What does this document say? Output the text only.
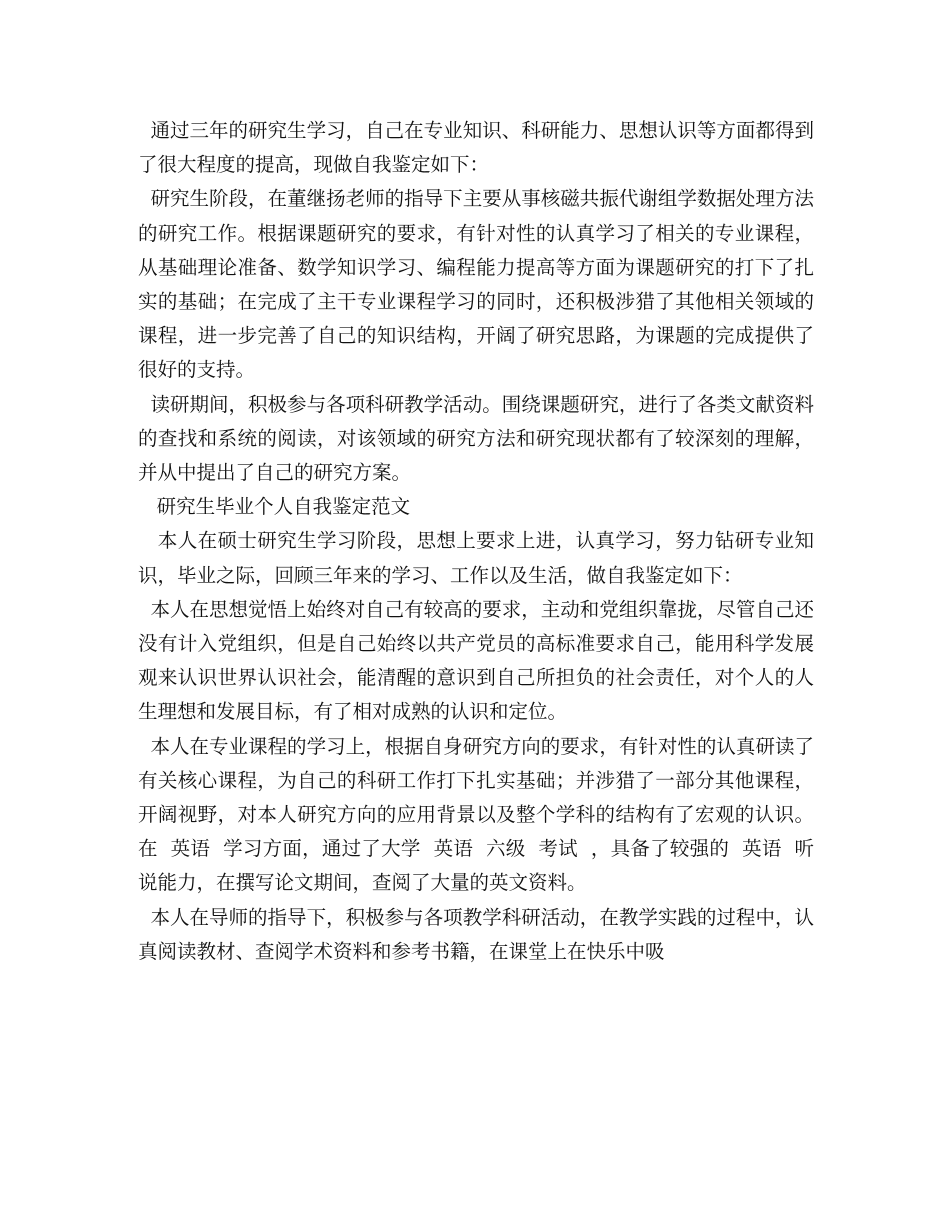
通过三年的研究生学习，自己在专业知识、科研能力、思想认识等方面都得到了很大程度的提高，现做自我鉴定如下：

研究生阶段，在董继扬老师的指导下主要从事核磁共振代谢组学数据处理方法的研究工作。根据课题研究的要求，有针对性的认真学习了相关的专业课程，从基础理论准备、数学知识学习、编程能力提高等方面为课题研究的打下了扎实的基础；在完成了主干专业课程学习的同时，还积极涉猎了其他相关领域的课程，进一步完善了自己的知识结构，开阔了研究思路，为课题的完成提供了很好的支持。

读研期间，积极参与各项科研教学活动。围绕课题研究，进行了各类文献资料的查找和系统的阅读，对该领域的研究方法和研究现状都有了较深刻的理解，并从中提出了自己的研究方案。

研究生毕业个人自我鉴定范文

本人在硕士研究生学习阶段，思想上要求上进，认真学习，努力钻研专业知识，毕业之际，回顾三年来的学习、工作以及生活，做自我鉴定如下：

本人在思想觉悟上始终对自己有较高的要求，主动和党组织靠拢，尽管自己还没有计入党组织，但是自己始终以共产党员的高标准要求自己，能用科学发展观来认识世界认识社会，能清醒的意识到自己所担负的社会责任，对个人的人生理想和发展目标，有了相对成熟的认识和定位。

本人在专业课程的学习上，根据自身研究方向的要求，有针对性的认真研读了有关核心课程，为自己的科研工作打下扎实基础；并涉猎了一部分其他课程，开阔视野，对本人研究方向的应用背景以及整个学科的结构有了宏观的认识。在  英语  学习方面，通过了大学  英语  六级  考试  ，具备了较强的  英语  听说能力，在撰写论文期间，查阅了大量的英文资料。

本人在导师的指导下，积极参与各项教学科研活动，在教学实践的过程中，认真阅读教材、查阅学术资料和参考书籍，在课堂上在快乐中吸
